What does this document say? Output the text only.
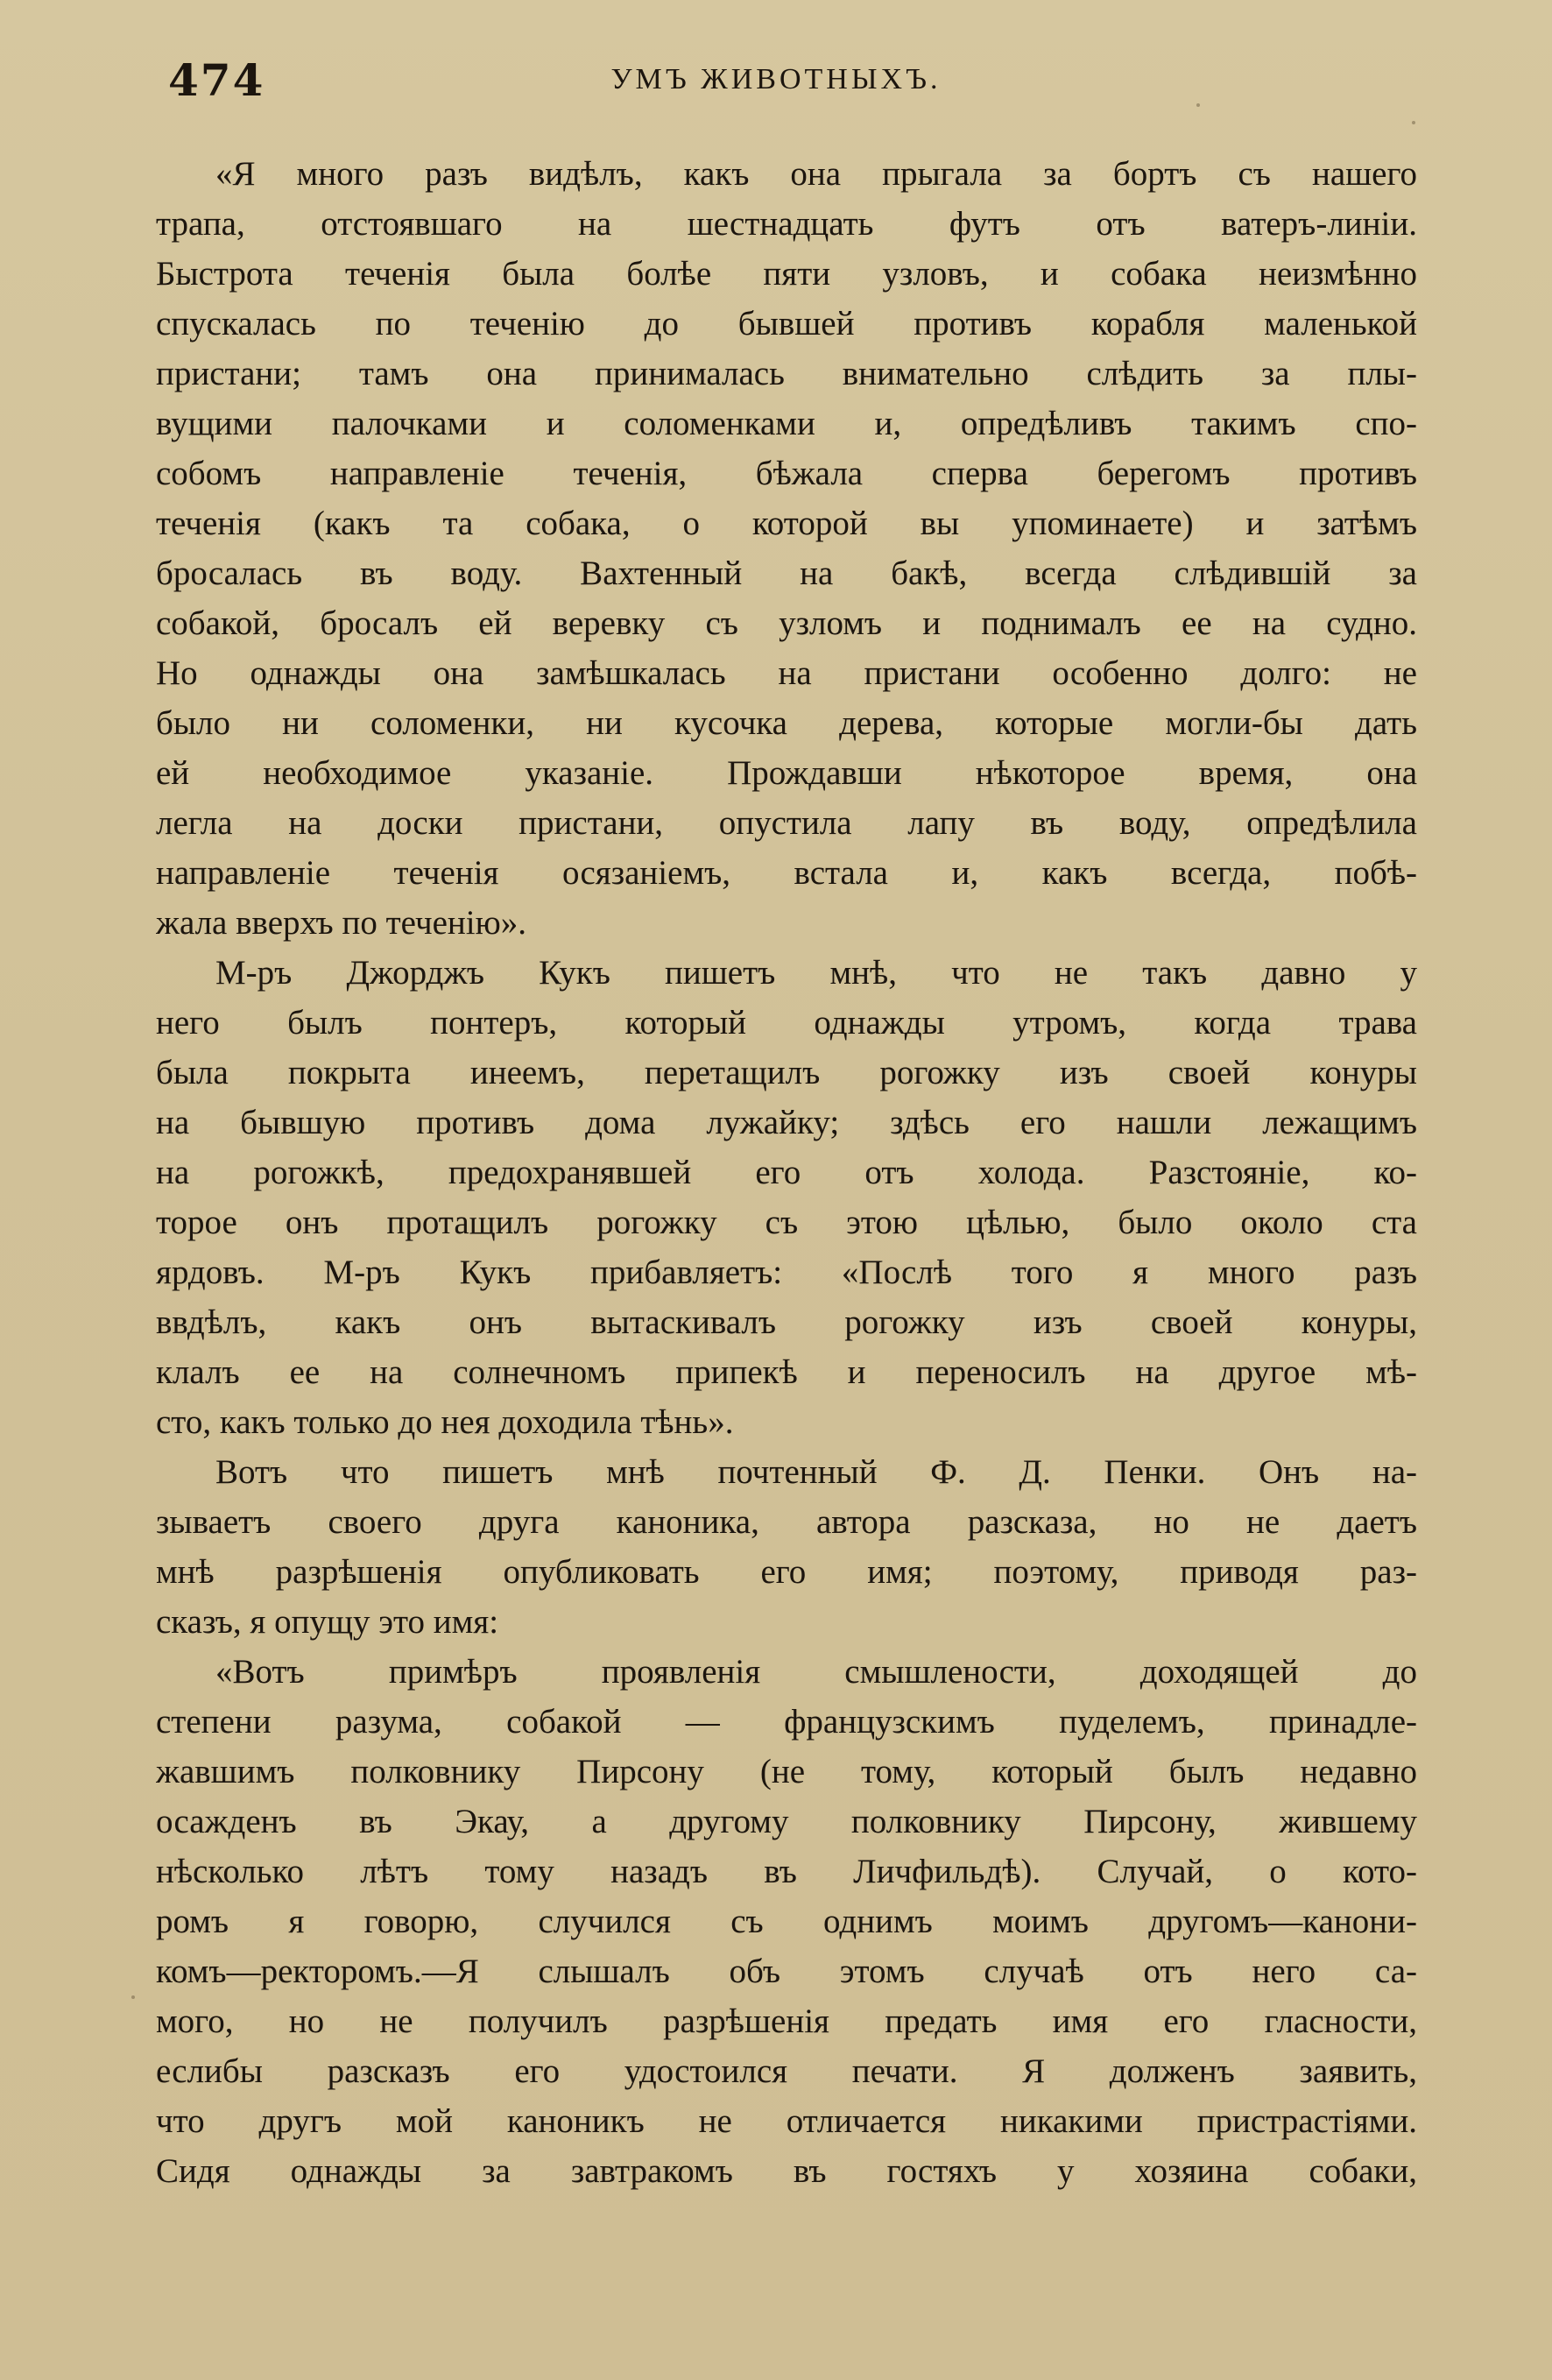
474	УМЪ ЖИВОТНЫХЪ.
«Я много разъ видѣлъ, какъ она прыгала за бортъ съ нашего
трапа, отстоявшаго на шестнадцать футъ отъ ватеръ-линіи.
Быстрота теченія была болѣе пяти узловъ, и собака неизмѣнно
спускалась по теченію до бывшей противъ корабля маленькой
пристани; тамъ она принималась внимательно слѣдить за плы-
вущими палочками и соломенками и, опредѣливъ такимъ спо-
собомъ направленіе теченія, бѣжала сперва берегомъ противъ
теченія (какъ та собака, о которой вы упоминаете) и затѣмъ
бросалась въ воду. Вахтенный на бакѣ, всегда слѣдившій за
собакой, бросалъ ей веревку съ узломъ и поднималъ ее на судно.
Но однажды она замѣшкалась на пристани особенно долго: не
было ни соломенки, ни кусочка дерева, которые могли-бы дать
ей необходимое указаніе. Прождавши нѣкоторое время, она
легла на доски пристани, опустила лапу въ воду, опредѣлила
направленіе теченія осязаніемъ, встала и, какъ всегда, побѣ-
жала вверхъ по теченію».
М-ръ Джорджъ Кукъ пишетъ мнѣ, что не такъ давно у
него былъ понтеръ, который однажды утромъ, когда трава
была покрыта инеемъ, перетащилъ рогожку изъ своей конуры
на бывшую противъ дома лужайку; здѣсь его нашли лежащимъ
на рогожкѣ, предохранявшей его отъ холода. Разстояніе, ко-
торое онъ протащилъ рогожку съ этою цѣлью, было около ста
ярдовъ. М-ръ Кукъ прибавляетъ: «Послѣ того я много разъ
ввдѣлъ, какъ онъ вытаскивалъ рогожку изъ своей конуры,
клалъ ее на солнечномъ припекѣ и переносилъ на другое мѣ-
сто, какъ только до нея доходила тѣнь».
Вотъ что пишетъ мнѣ почтенный Ф. Д. Пенки. Онъ на-
зываетъ своего друга каноника, автора разсказа, но не даетъ
мнѣ разрѣшенія опубликовать его имя; поэтому, приводя раз-
сказъ, я опущу это имя:
«Вотъ примѣръ проявленія смышлености, доходящей до
степени разума, собакой — французскимъ пуделемъ, принадле-
жавшимъ полковнику Пирсону (не тому, который былъ недавно
осажденъ въ Экау, а другому полковнику Пирсону, жившему
нѣсколько лѣтъ тому назадъ въ Личфильдѣ). Случай, о кото-
ромъ я говорю, случился съ однимъ моимъ другомъ—канони-
комъ—ректоромъ.—Я слышалъ объ этомъ случаѣ отъ него са-
мого, но не получилъ разрѣшенія предать имя его гласности,
еслибы разсказъ его удостоился печати. Я долженъ заявить,
что другъ мой каноникъ не отличается никакими пристрастіями.
Сидя однажды за завтракомъ въ гостяхъ у хозяина собаки,
